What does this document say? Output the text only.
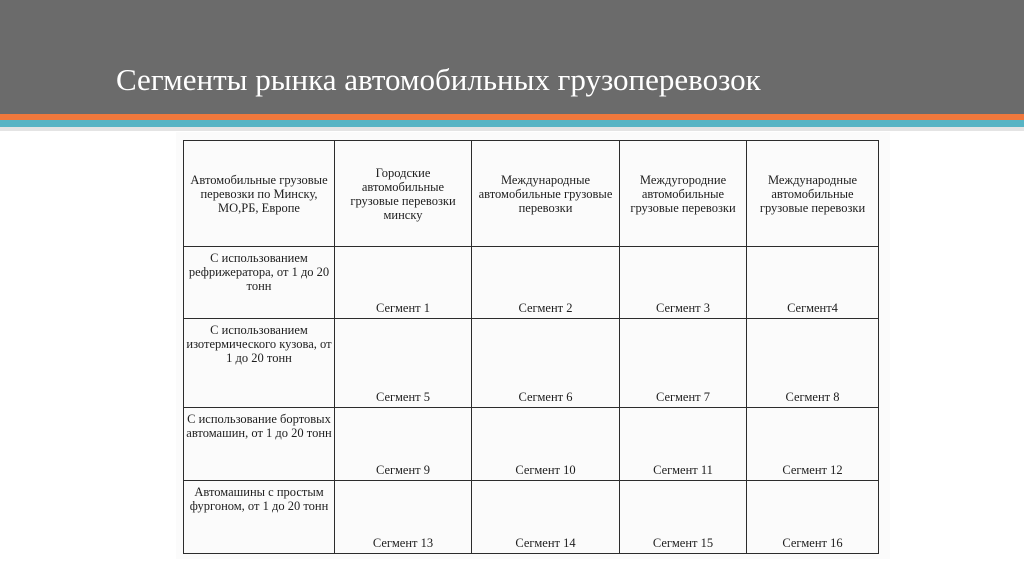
Сегменты рынка автомобильных грузоперевозок
Автомобильные грузовые перевозки по Минску, МО,РБ, Европе	Городские автомобильные грузовые перевозки минску	Международные автомобильные грузовые перевозки	Междугородние автомобильные грузовые перевозки	Международные автомобильные грузовые перевозки
С использованием рефрижератора, от 1 до 20 тонн	Сегмент 1	Сегмент 2	Сегмент 3	Сегмент4
С использованием изотермического кузова, от 1 до 20 тонн	Сегмент 5	Сегмент 6	Сегмент 7	Сегмент 8
С использование бортовых автомашин, от 1 до 20 тонн	Сегмент 9	Сегмент 10	Сегмент 11	Сегмент 12
Автомашины с простым фургоном, от 1 до 20 тонн	Сегмент 13	Сегмент 14	Сегмент 15	Сегмент 16
